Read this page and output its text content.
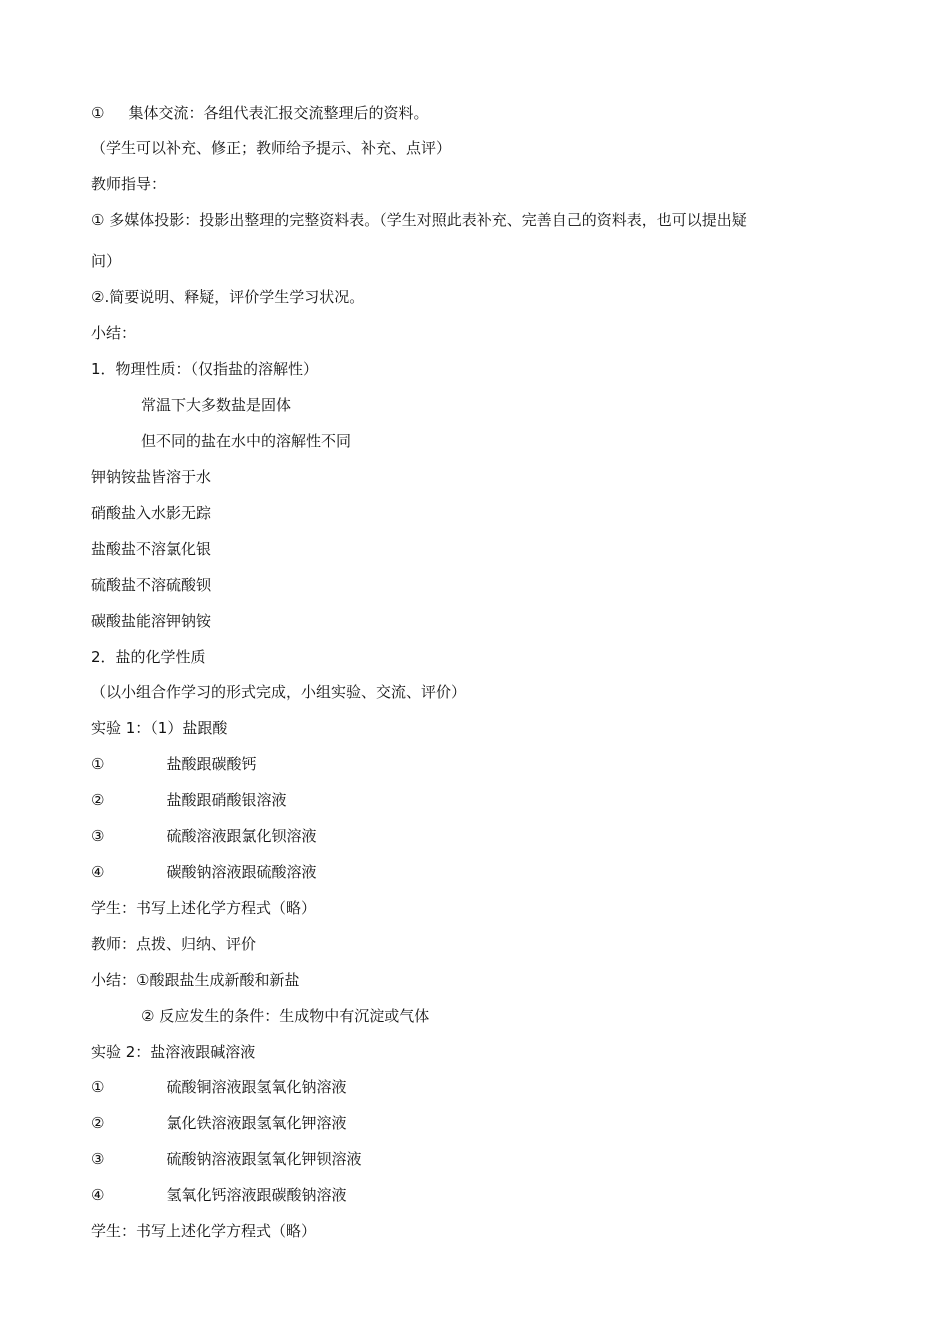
① 集体交流：各组代表汇报交流整理后的资料。
（学生可以补充、修正；教师给予提示、补充、点评）
教师指导：
① 多媒体投影：投影出整理的完整资料表。（学生对照此表补充、完善自己的资料表，也可以提出疑
问）
②.简要说明、释疑，评价学生学习状况。
小结：
1．物理性质：（仅指盐的溶解性）
常温下大多数盐是固体
但不同的盐在水中的溶解性不同
钾钠铵盐皆溶于水
硝酸盐入水影无踪
盐酸盐不溶氯化银
硫酸盐不溶硫酸钡
碳酸盐能溶钾钠铵
2．盐的化学性质
（以小组合作学习的形式完成，小组实验、交流、评价）
实验 1：（1）盐跟酸
①	盐酸跟碳酸钙
②	盐酸跟硝酸银溶液
③	硫酸溶液跟氯化钡溶液
④	碳酸钠溶液跟硫酸溶液
学生：书写上述化学方程式（略）
教师：点拨、归纳、评价
小结：①酸跟盐生成新酸和新盐
② 反应发生的条件：生成物中有沉淀或气体
实验 2：盐溶液跟碱溶液
①	硫酸铜溶液跟氢氧化钠溶液
②	氯化铁溶液跟氢氧化钾溶液
③	硫酸钠溶液跟氢氧化钾钡溶液
④	氢氧化钙溶液跟碳酸钠溶液
学生：书写上述化学方程式（略）
